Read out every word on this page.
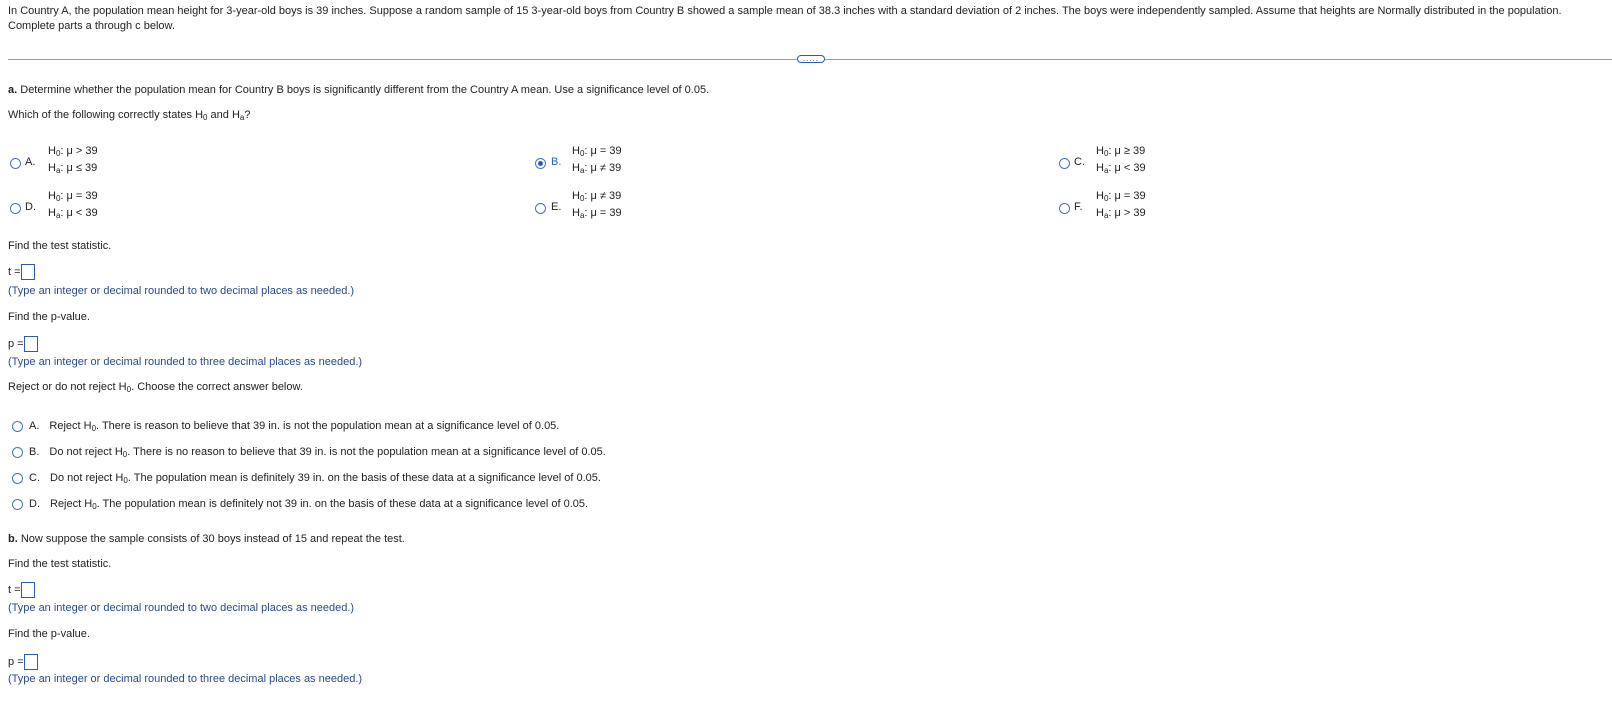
In Country A, the population mean height for 3-year-old boys is 39 inches. Suppose a random sample of 15 3-year-old boys from Country B showed a sample mean of 38.3 inches with a standard deviation of 2 inches. The boys were independently sampled. Assume that heights are Normally distributed in the population. Complete parts a through c below.
.....
a. Determine whether the population mean for Country B boys is significantly different from the Country A mean. Use a significance level of 0.05.
Which of the following correctly states $H_0$ and $H_a$?
A.
$H_0$: μ > 39
$H_a$: μ ≤ 39	B.
$H_0$: μ = 39
$H_a$: μ ≠ 39	C.
$H_0$: μ ≥ 39
$H_a$: μ < 39
D.
$H_0$: μ = 39
$H_a$: μ < 39	E.
$H_0$: μ ≠ 39
$H_a$: μ = 39	F.
$H_0$: μ = 39
$H_a$: μ > 39
Find the test statistic.
t =
(Type an integer or decimal rounded to two decimal places as needed.)
Find the p-value.
p =
(Type an integer or decimal rounded to three decimal places as needed.)
Reject or do not reject $H_0$. Choose the correct answer below.
A. Reject $H_0$. There is reason to believe that 39 in. is not the population mean at a significance level of 0.05.
B. Do not reject $H_0$. There is no reason to believe that 39 in. is not the population mean at a significance level of 0.05.
C. Do not reject $H_0$. The population mean is definitely 39 in. on the basis of these data at a significance level of 0.05.
D. Reject $H_0$. The population mean is definitely not 39 in. on the basis of these data at a significance level of 0.05.
b. Now suppose the sample consists of 30 boys instead of 15 and repeat the test.
Find the test statistic.
t =
(Type an integer or decimal rounded to two decimal places as needed.)
Find the p-value.
p =
(Type an integer or decimal rounded to three decimal places as needed.)
